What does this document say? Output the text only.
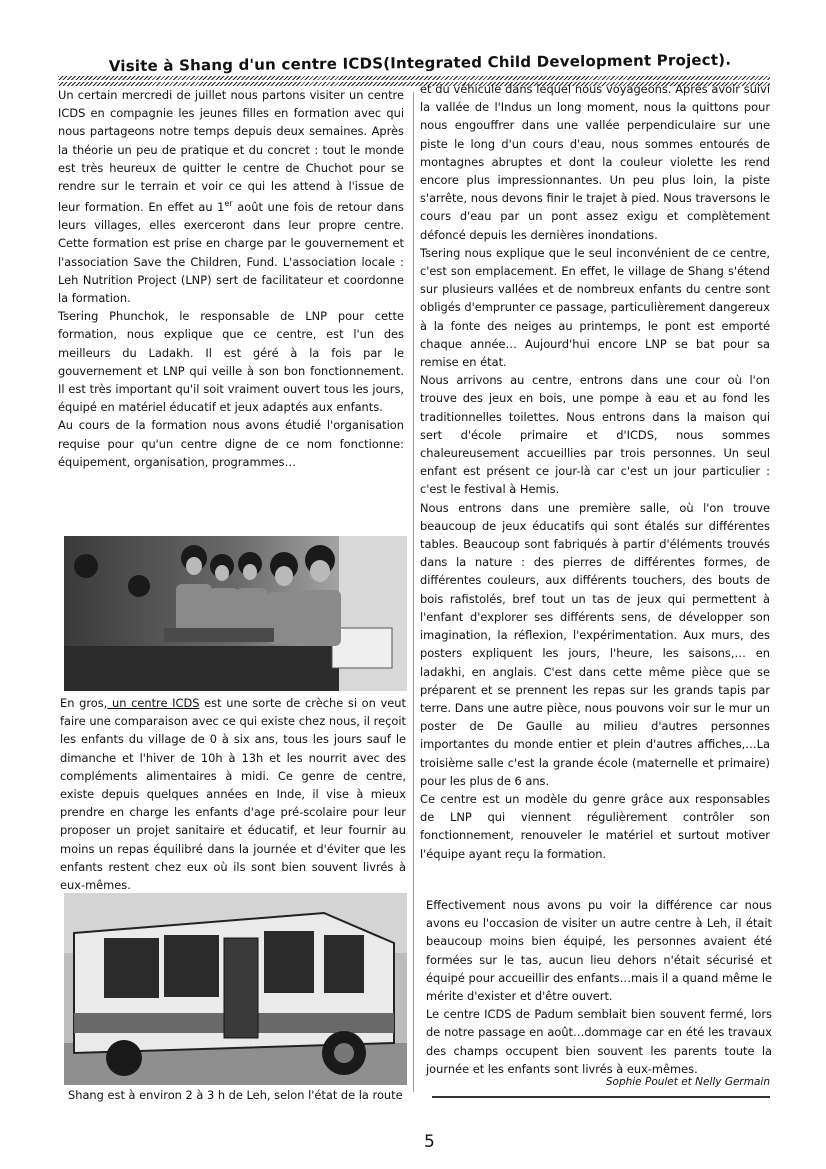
Visite à Shang d'un centre ICDS(Integrated Child Development Project).

Un certain mercredi de juillet nous partons visiter un centre ICDS en compagnie les jeunes filles en formation avec qui nous partageons notre temps depuis deux semaines. Après la théorie un peu de pratique et du concret : tout le monde est très heureux de quitter le centre de Chuchot pour se rendre sur le terrain et voir ce qui les attend à l'issue de leur formation. En effet au 1er août une fois de retour dans leurs villages, elles exerceront dans leur propre centre. Cette formation est prise en charge par le gouvernement et l'association Save the Children, Fund. L'association locale : Leh Nutrition Project (LNP) sert de facilitateur et coordonne la formation.

Tsering Phunchok, le responsable de LNP pour cette formation, nous explique que ce centre, est l'un des meilleurs du Ladakh. Il est géré à la fois par le gouvernement et LNP qui veille à son bon fonctionnement. Il est très important qu'il soit vraiment ouvert tous les jours, équipé en matériel éducatif et jeux adaptés aux enfants.

Au cours de la formation nous avons étudié l'organisation requise pour qu'un centre digne de ce nom fonctionne: équipement, organisation, programmes…

En gros, un centre ICDS est une sorte de crèche si on veut faire une comparaison avec ce qui existe chez nous, il reçoit les enfants du village de 0 à six ans, tous les jours sauf le dimanche et l'hiver de 10h à 13h et les nourrit avec des compléments alimentaires à midi. Ce genre de centre, existe depuis quelques années en Inde, il vise à mieux prendre en charge les enfants d'age pré-scolaire pour leur proposer un projet sanitaire et éducatif, et leur fournir au moins un repas équilibré dans la journée et d'éviter que les enfants restent chez eux où ils sont bien souvent livrés à eux-mêmes.

et du véhicule dans lequel nous voyageons. Après avoir suivi la vallée de l'Indus un long moment, nous la quittons pour nous engouffrer dans une vallée perpendiculaire sur une piste le long d'un cours d'eau, nous sommes entourés de montagnes abruptes et dont la couleur violette les rend encore plus impressionnantes. Un peu plus loin, la piste s'arrête, nous devons finir le trajet à pied. Nous traversons le cours d'eau par un pont assez exigu et complètement défoncé depuis les dernières inondations.

Tsering nous explique que le seul inconvénient de ce centre, c'est son emplacement. En effet, le village de Shang s'étend sur plusieurs vallées et de nombreux enfants du centre sont obligés d'emprunter ce passage, particulièrement dangereux à la fonte des neiges au printemps, le pont est emporté chaque année… Aujourd'hui encore LNP se bat pour sa remise en état.

Nous arrivons au centre, entrons dans une cour où l'on trouve des jeux en bois, une pompe à eau et au fond les traditionnelles toilettes. Nous entrons dans la maison qui sert d'école primaire et d'ICDS, nous sommes chaleureusement accueillies par trois personnes. Un seul enfant est présent ce jour-là car c'est un jour particulier : c'est le festival à Hemis.

Nous entrons dans une première salle, où l'on trouve beaucoup de jeux éducatifs qui sont étalés sur différentes tables. Beaucoup sont fabriqués à partir d'éléments trouvés dans la nature : des pierres de différentes formes, de différentes couleurs, aux différents touchers, des bouts de bois rafistolés, bref tout un tas de jeux qui permettent à l'enfant d'explorer ses différents sens, de développer son imagination, la réflexion, l'expérimentation. Aux murs, des posters expliquent les jours, l'heure, les saisons,… en ladakhi, en anglais. C'est dans cette même pièce que se préparent et se prennent les repas sur les grands tapis par terre. Dans une autre pièce, nous pouvons voir sur le mur un poster de De Gaulle au milieu d'autres personnes importantes du monde entier et plein d'autres affiches,…La troisième salle c'est la grande école (maternelle et primaire) pour les plus de 6 ans.

Ce centre est un modèle du genre grâce aux responsables de LNP qui viennent régulièrement contrôler son fonctionnement, renouveler le matériel et surtout motiver l'équipe ayant reçu la formation.

Effectivement nous avons pu voir la différence car nous avons eu l'occasion de visiter un autre centre à Leh, il était beaucoup moins bien équipé, les personnes avaient été formées sur le tas, aucun lieu dehors n'était sécurisé et équipé pour accueillir des enfants…mais il a quand même le mérite d'exister et d'être ouvert.

Le centre ICDS de Padum semblait bien souvent fermé, lors de notre passage en août…dommage car en été les travaux des champs occupent bien souvent les parents toute la journée et les enfants sont livrés à eux-mêmes.

Sophie Poulet et Nelly Germain
Shang est à environ 2 à 3 h de Leh, selon l'état de la route
5
